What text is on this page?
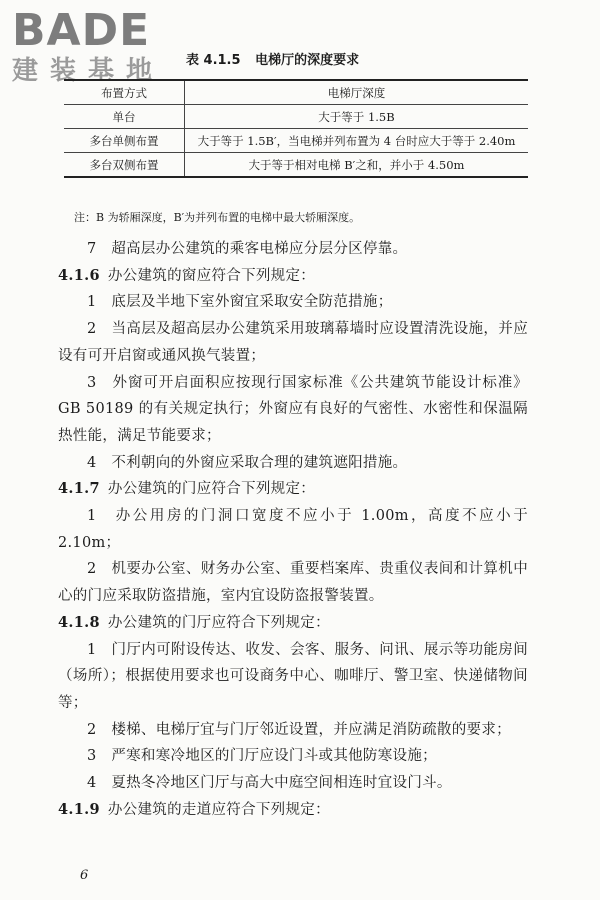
BADE
建装基地	表 4.1.5 电梯厅的深度要求
布置方式	电梯厅深度
单台	大于等于 1.5B
多台单侧布置	大于等于 1.5B′，当电梯并列布置为 4 台时应大于等于 2.40m
多台双侧布置	大于等于相对电梯 B′之和，并小于 4.50m
注：B 为轿厢深度，B′为并列布置的电梯中最大轿厢深度。

7　超高层办公建筑的乘客电梯应分层分区停靠。

4.1.6 办公建筑的窗应符合下列规定：

1　底层及半地下室外窗宜采取安全防范措施；

2　当高层及超高层办公建筑采用玻璃幕墙时应设置清洗设施，并应设有可开启窗或通风换气装置；

3　外窗可开启面积应按现行国家标准《公共建筑节能设计标准》GB 50189 的有关规定执行；外窗应有良好的气密性、水密性和保温隔热性能，满足节能要求；

4　不利朝向的外窗应采取合理的建筑遮阳措施。

4.1.7 办公建筑的门应符合下列规定：

1　办公用房的门洞口宽度不应小于 1.00m，高度不应小于 2.10m；

2　机要办公室、财务办公室、重要档案库、贵重仪表间和计算机中心的门应采取防盗措施，室内宜设防盗报警装置。

4.1.8 办公建筑的门厅应符合下列规定：

1　门厅内可附设传达、收发、会客、服务、问讯、展示等功能房间（场所）；根据使用要求也可设商务中心、咖啡厅、警卫室、快递储物间等；

2　楼梯、电梯厅宜与门厅邻近设置，并应满足消防疏散的要求；

3　严寒和寒冷地区的门厅应设门斗或其他防寒设施；

4　夏热冬冷地区门厅与高大中庭空间相连时宜设门斗。

4.1.9 办公建筑的走道应符合下列规定：

6
